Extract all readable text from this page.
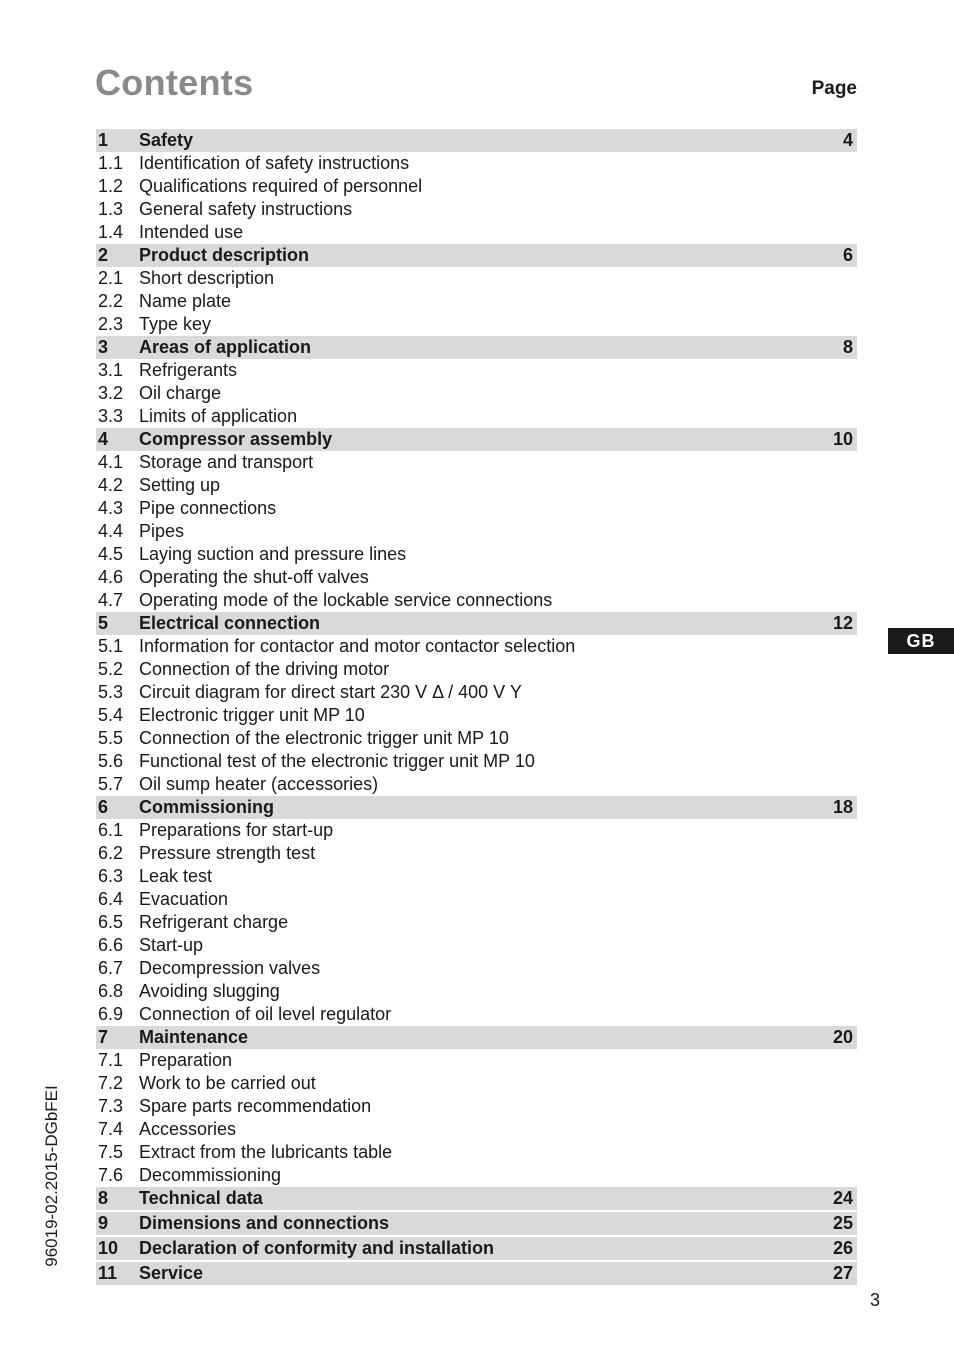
Contents	Page
1 Safety	4
1.1 Identification of safety instructions
1.2 Qualifications required of personnel
1.3 General safety instructions
1.4 Intended use
2 Product description	6
2.1 Short description
2.2 Name plate
2.3 Type key
3 Areas of application	8
3.1 Refrigerants
3.2 Oil charge
3.3 Limits of application
4 Compressor assembly	10
4.1 Storage and transport
4.2 Setting up
4.3 Pipe connections
4.4 Pipes
4.5 Laying suction and pressure lines
4.6 Operating the shut-off valves
4.7 Operating mode of the lockable service connections
5 Electrical connection	12
5.1 Information for contactor and motor contactor selection
5.2 Connection of the driving motor
5.3 Circuit diagram for direct start 230 V Δ / 400 V Y
5.4 Electronic trigger unit MP 10
5.5 Connection of the electronic trigger unit MP 10
5.6 Functional test of the electronic trigger unit MP 10
5.7 Oil sump heater (accessories)
6 Commissioning	18
6.1 Preparations for start-up
6.2 Pressure strength test
6.3 Leak test
6.4 Evacuation
6.5 Refrigerant charge
6.6 Start-up
6.7 Decompression valves
6.8 Avoiding slugging
6.9 Connection of oil level regulator
7 Maintenance	20
7.1 Preparation
7.2 Work to be carried out
7.3 Spare parts recommendation
7.4 Accessories
7.5 Extract from the lubricants table
7.6 Decommissioning
8 Technical data	24
9 Dimensions and connections	25
10 Declaration of conformity and installation	26
11 Service	27
GB
96019-02.2015-DGbFEI
3
